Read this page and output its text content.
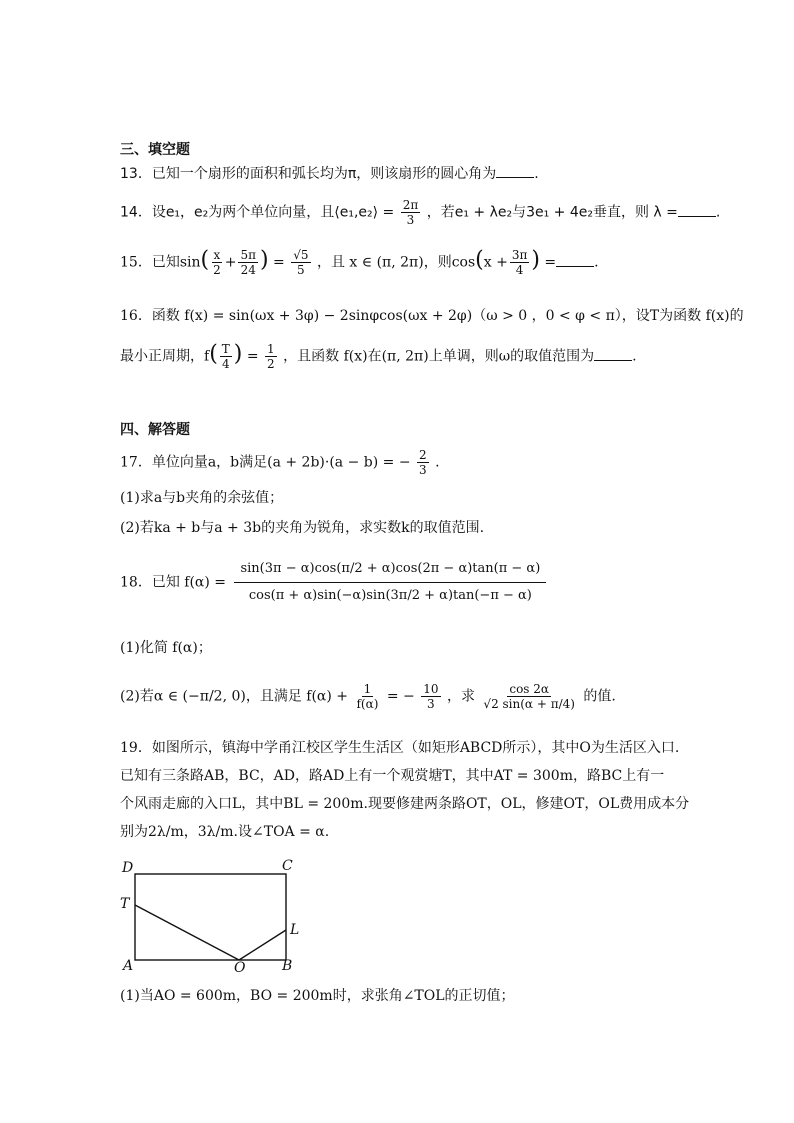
三、填空题
13．已知一个扇形的面积和弧长均为π，则该扇形的圆心角为	.
14．设e₁，e₂为两个单位向量，且⟨e₁,e₂⟩ = $\frac{2\pi}{3}$ ，若e₁ + λe₂与3e₁ + 4e₂垂直，则 λ =	.
15．已知$\sin( \frac{x}{2} + \frac{5\pi}{24}$ ) = $\frac{√5}{5}$ ，且 x ∈ (π, 2π)，则$\cos(x + \frac{3\pi}{4}$ ) =	.
16．函数 f(x) = sin(ωx + 3φ) − 2sinφcos(ωx + 2φ)（ω > 0 ，0 < φ < π），设T为函数 f(x)的
最小正周期，$f( \frac{T}{4}$ ) = $\frac{1}{2}$ ，且函数 f(x)在(π, 2π)上单调，则ω的取值范围为	.
四、解答题
17．单位向量a，b满足(a + 2b)·(a − b) = − $\frac{2}{3}$ .
(1)求a与b夹角的余弦值；
(2)若ka + b与a + 3b的夹角为锐角，求实数k的取值范围.
18．已知 $f(\alpha) = \frac{\sin(3\pi - \alpha)\cos(\pi/2 + \alpha)\cos(2\pi - \alpha)\tan(\pi - \alpha)}{\cos(\pi + \alpha)\sin(-\alpha)\sin(3\pi/2 + \alpha)\tan(-\pi - \alpha)}$
(1)化简 f(α)；
(2)若α ∈ (−π/2, 0)，且满足 $f(\alpha) + \frac{1}{f(\alpha)}$ = − $\frac{10}{3}$ ，求 $\frac{\cos 2\alpha}{√2 \sin(\alpha + \pi/4)}$ 的值.
19．如图所示，镇海中学甬江校区学生生活区（如矩形ABCD所示），其中O为生活区入口.
已知有三条路AB，BC，AD，路AD上有一个观赏塘T，其中AT = 300m，路BC上有一
个风雨走廊的入口L，其中BL = 200m.现要修建两条路OT，OL，修建OT，OL费用成本分
别为2λ/m，3λ/m.设∠TOA = α.
D	C
T
L
A	O	B
(1)当AO = 600m，BO = 200m时，求张角∠TOL的正切值；
